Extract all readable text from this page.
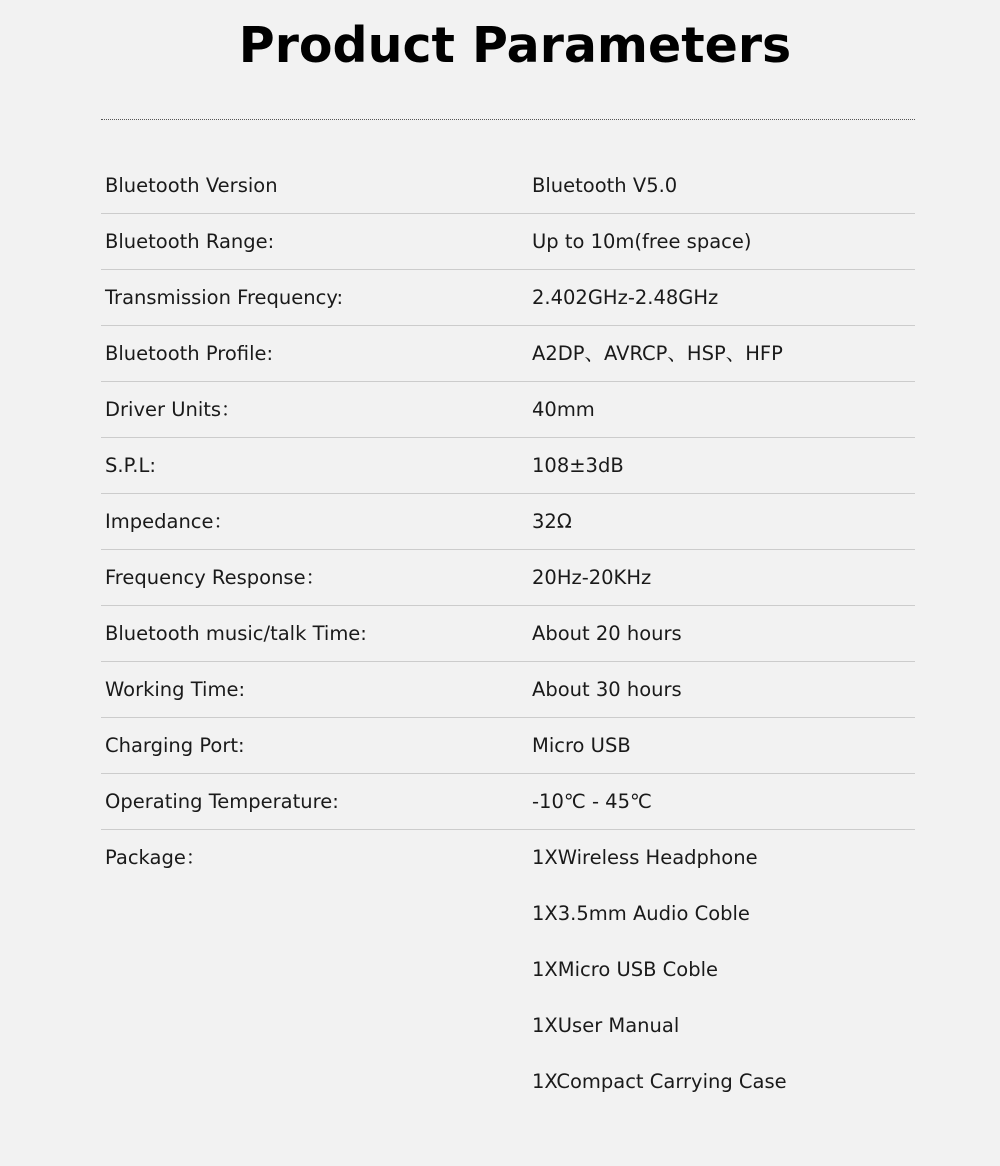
Product Parameters
Bluetooth Version	Bluetooth V5.0
Bluetooth Range:	Up to 10m(free space)
Transmission Frequency:	2.402GHz-2.48GHz
Bluetooth Profile:	A2DP、AVRCP、HSP、HFP
Driver Units：	40mm
S.P.L:	108±3dB
Impedance：	32Ω
Frequency Response：	20Hz-20KHz
Bluetooth music/talk Time:	About 20 hours
Working Time:	About 30 hours
Charging Port:	Micro USB
Operating Temperature:	-10℃ - 45℃
Package：	1XWireless Headphone
1X3.5mm Audio Coble
1XMicro USB Coble
1XUser Manual
1XCompact Carrying Case
